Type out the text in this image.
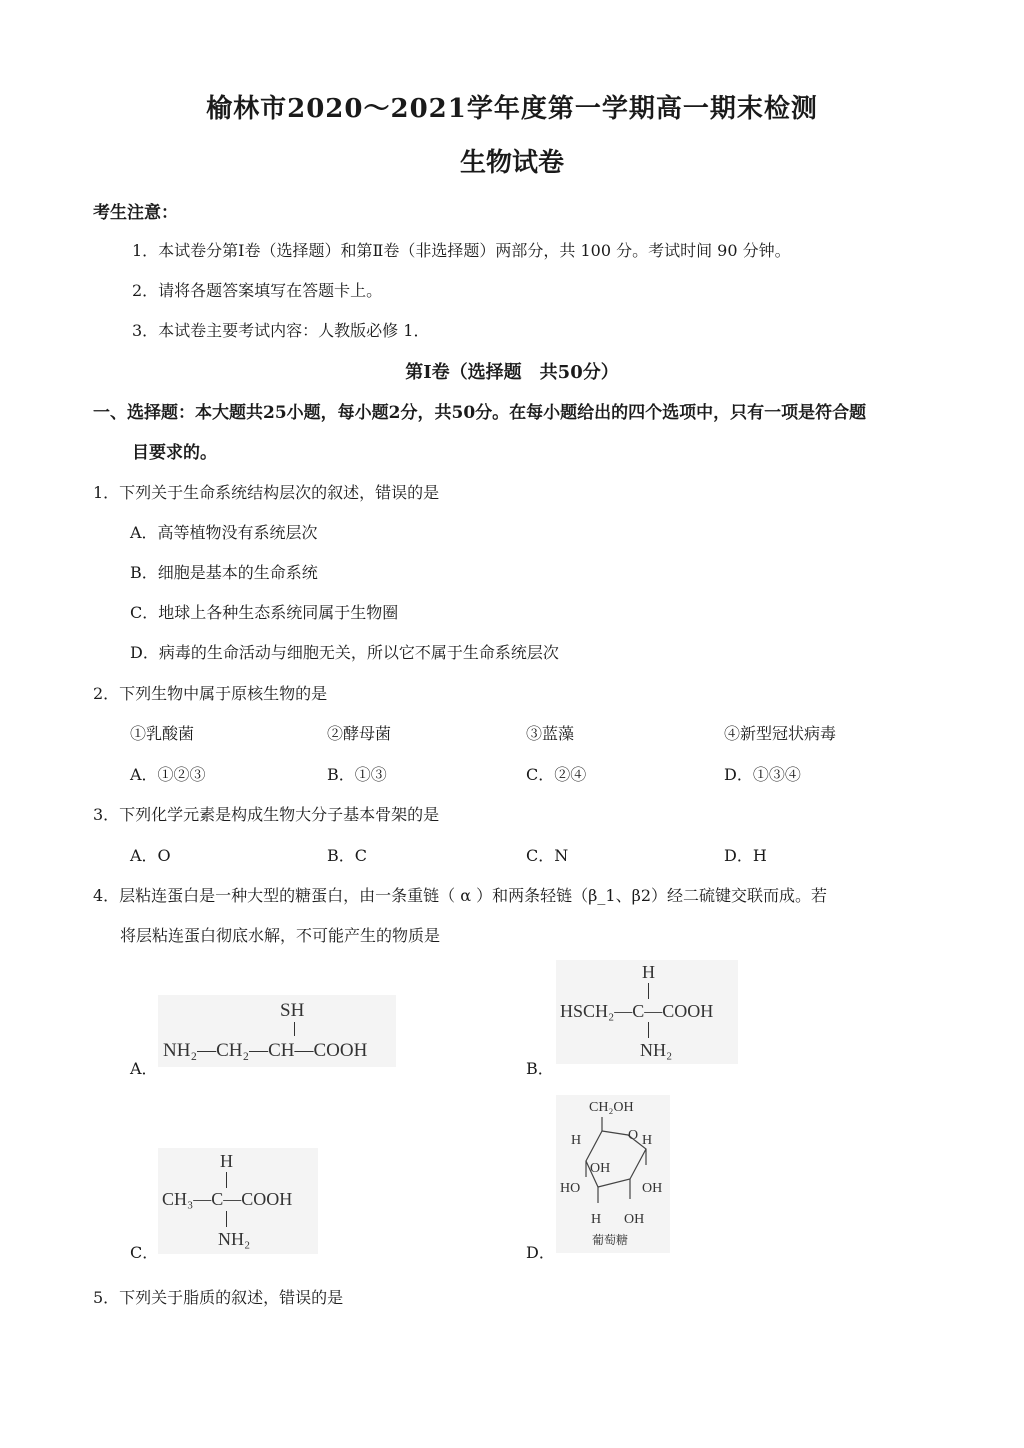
榆林市2020～2021学年度第一学期高一期末检测
生物试卷
考生注意：
1．本试卷分第Ⅰ卷（选择题）和第Ⅱ卷（非选择题）两部分，共 100 分。考试时间 90 分钟。
2．请将各题答案填写在答题卡上。
3．本试卷主要考试内容：人教版必修 1．
第Ⅰ卷（选择题　共50分）
一、选择题：本大题共25小题，每小题2分，共50分。在每小题给出的四个选项中，只有一项是符合题
目要求的。
1．下列关于生命系统结构层次的叙述，错误的是
A．高等植物没有系统层次
B．细胞是基本的生命系统
C．地球上各种生态系统同属于生物圈
D．病毒的生命活动与细胞无关，所以它不属于生命系统层次
2．下列生物中属于原核生物的是
①乳酸菌	②酵母菌	③蓝藻	④新型冠状病毒
A．①②③	B．①③	C．②④	D．①③④
3．下列化学元素是构成生物大分子基本骨架的是
A．O	B．C	C．N	D．H
4．层粘连蛋白是一种大型的糖蛋白，由一条重链（ α ）和两条轻链（β_1、β2）经二硫键交联而成。若
将层粘连蛋白彻底水解，不可能产生的物质是
A．
SH
NH₂—CH₂—CH—COOH
B．
H
HSCH₂—C—COOH
NH₂
C．
H
CH₃—C—COOH
NH₂
D．
CH₂OH
H	O H
OH
HO	OH
H OH
葡萄糖
5．下列关于脂质的叙述，错误的是
